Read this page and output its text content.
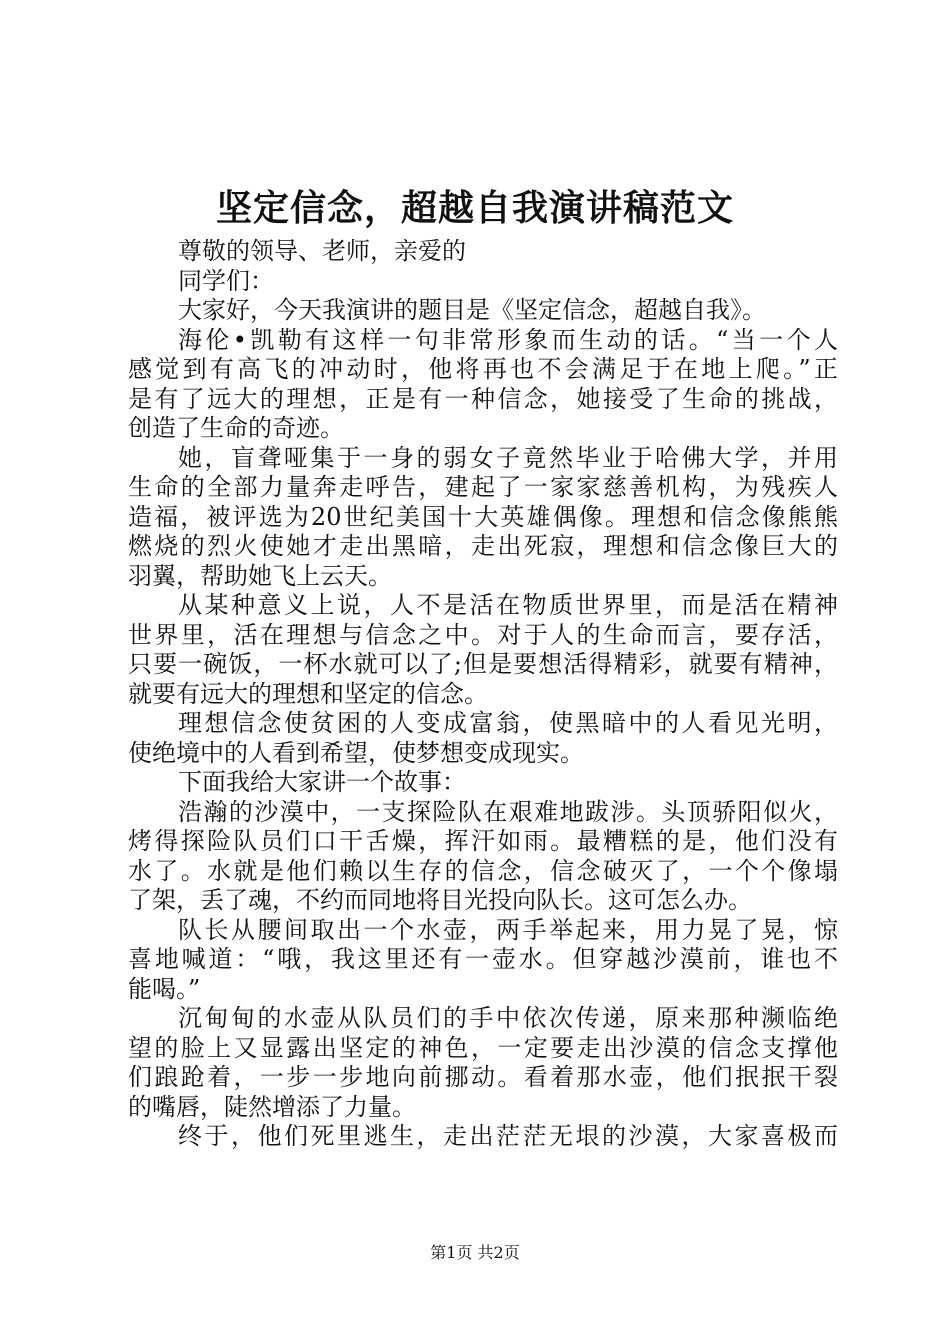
坚定信念，超越自我演讲稿范文
尊敬的领导、老师，亲爱的
同学们：
大家好，今天我演讲的题目是《坚定信念，超越自我》。
海伦•凯勒有这样一句非常形象而生动的话。“当一个人
感觉到有高飞的冲动时，他将再也不会满足于在地上爬。”正
是有了远大的理想，正是有一种信念，她接受了生命的挑战，
创造了生命的奇迹。
她，盲聋哑集于一身的弱女子竟然毕业于哈佛大学，并用
生命的全部力量奔走呼告，建起了一家家慈善机构，为残疾人
造福，被评选为20世纪美国十大英雄偶像。理想和信念像熊熊
燃烧的烈火使她才走出黑暗，走出死寂，理想和信念像巨大的
羽翼，帮助她飞上云天。
从某种意义上说，人不是活在物质世界里，而是活在精神
世界里，活在理想与信念之中。对于人的生命而言，要存活，
只要一碗饭，一杯水就可以了;但是要想活得精彩，就要有精神，
就要有远大的理想和坚定的信念。
理想信念使贫困的人变成富翁，使黑暗中的人看见光明，
使绝境中的人看到希望，使梦想变成现实。
下面我给大家讲一个故事：
浩瀚的沙漠中，一支探险队在艰难地跋涉。头顶骄阳似火，
烤得探险队员们口干舌燥，挥汗如雨。最糟糕的是，他们没有
水了。水就是他们赖以生存的信念，信念破灭了，一个个像塌
了架，丢了魂，不约而同地将目光投向队长。这可怎么办。
队长从腰间取出一个水壶，两手举起来，用力晃了晃，惊
喜地喊道：“哦，我这里还有一壶水。但穿越沙漠前，谁也不
能喝。”
沉甸甸的水壶从队员们的手中依次传递，原来那种濒临绝
望的脸上又显露出坚定的神色，一定要走出沙漠的信念支撑他
们踉跄着，一步一步地向前挪动。看着那水壶，他们抿抿干裂
的嘴唇，陡然增添了力量。
终于，他们死里逃生，走出茫茫无垠的沙漠，大家喜极而
第1页 共2页
